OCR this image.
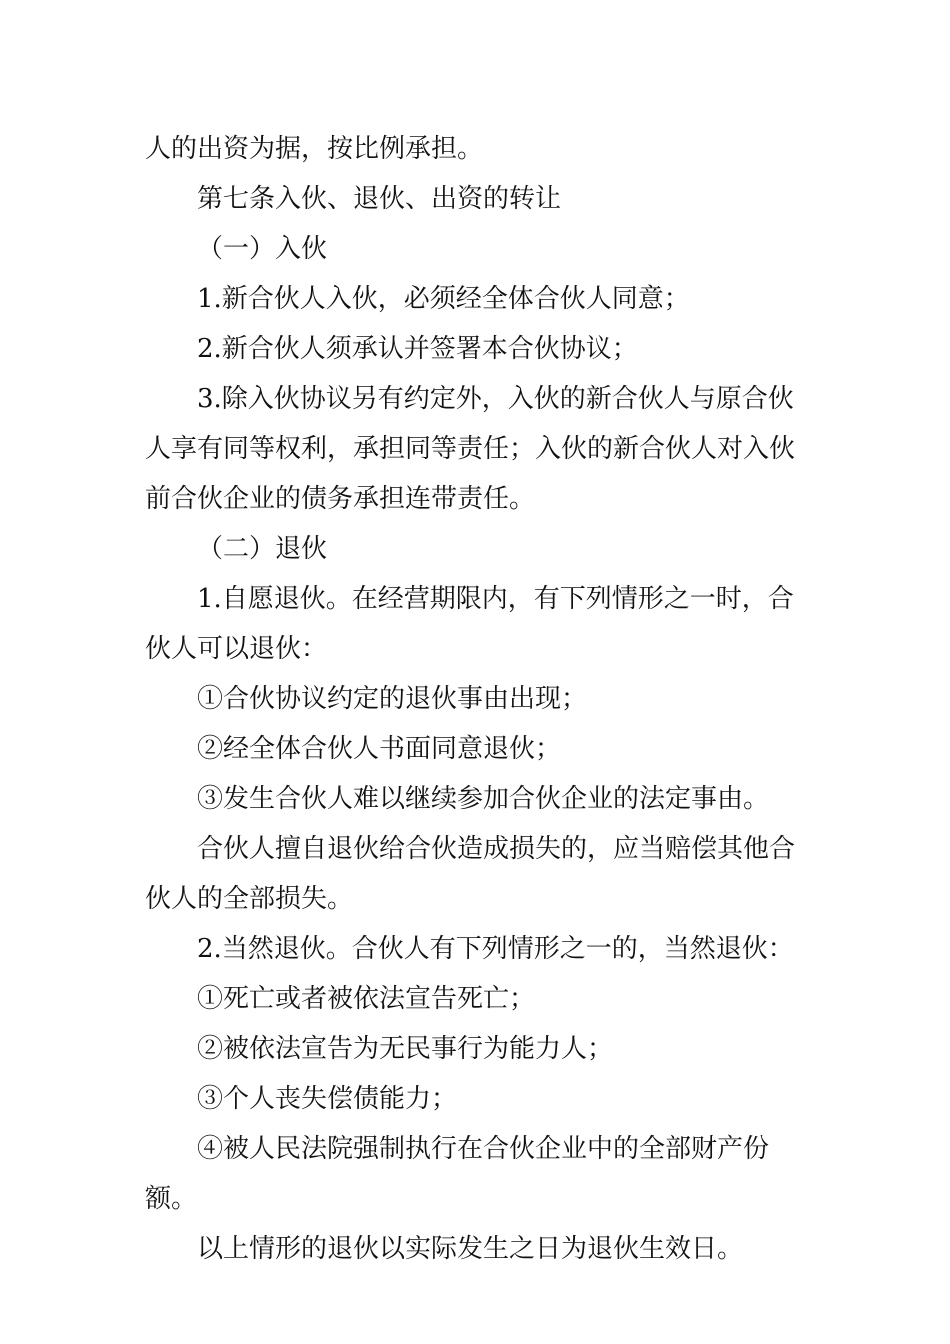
人的出资为据，按比例承担。

第七条入伙、退伙、出资的转让

（一）入伙

1.新合伙人入伙，必须经全体合伙人同意；

2.新合伙人须承认并签署本合伙协议；

3.除入伙协议另有约定外，入伙的新合伙人与原合伙人享有同等权利，承担同等责任；入伙的新合伙人对入伙前合伙企业的债务承担连带责任。

（二）退伙

1.自愿退伙。在经营期限内，有下列情形之一时，合伙人可以退伙：

①合伙协议约定的退伙事由出现；

②经全体合伙人书面同意退伙；

③发生合伙人难以继续参加合伙企业的法定事由。

合伙人擅自退伙给合伙造成损失的，应当赔偿其他合伙人的全部损失。

2.当然退伙。合伙人有下列情形之一的，当然退伙：

①死亡或者被依法宣告死亡；

②被依法宣告为无民事行为能力人；

③个人丧失偿债能力；

④被人民法院强制执行在合伙企业中的全部财产份额。

以上情形的退伙以实际发生之日为退伙生效日。
